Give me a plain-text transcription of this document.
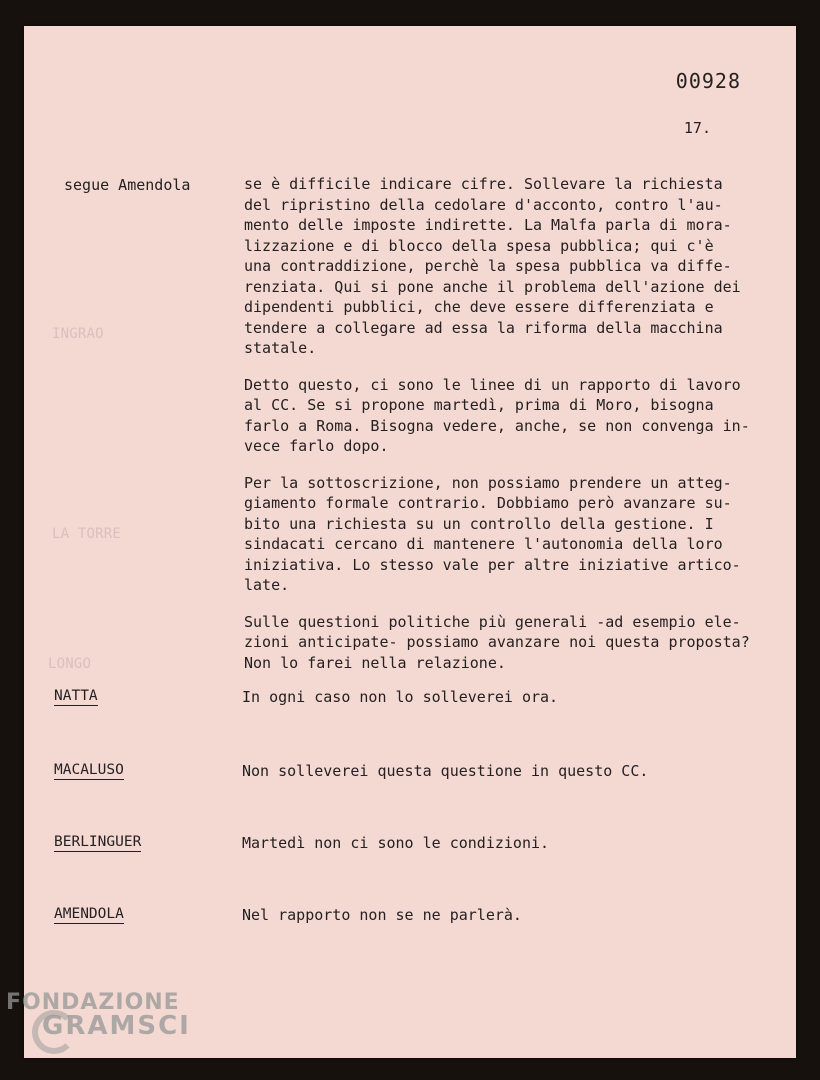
INGRAO
LA TORRE
LONGO
00928
17.
segue Amendola	se è difficile indicare cifre. Sollevare la richiesta
del ripristino della cedolare d'acconto, contro l'au-
mento delle imposte indirette. La Malfa parla di mora-
lizzazione e di blocco della spesa pubblica; qui c'è
una contraddizione, perchè la spesa pubblica va diffe-
renziata. Qui si pone anche il problema dell'azione dei
dipendenti pubblici, che deve essere differenziata e
tendere a collegare ad essa la riforma della macchina
statale.

Detto questo, ci sono le linee di un rapporto di lavoro
al CC. Se si propone martedì, prima di Moro, bisogna
farlo a Roma. Bisogna vedere, anche, se non convenga in-
vece farlo dopo.

Per la sottoscrizione, non possiamo prendere un atteg-
giamento formale contrario. Dobbiamo però avanzare su-
bito una richiesta su un controllo della gestione. I
sindacati cercano di mantenere l'autonomia della loro
iniziativa. Lo stesso vale per altre iniziative artico-
late.

Sulle questioni politiche più generali -ad esempio ele-
zioni anticipate- possiamo avanzare noi questa proposta?
Non lo farei nella relazione.

NATTA	In ogni caso non lo solleverei ora.
MACALUSO	Non solleverei questa questione in questo CC.
BERLINGUER	Martedì non ci sono le condizioni.
AMENDOLA	Nel rapporto non se ne parlerà.
FONDAZIONE
GRAMSCI
